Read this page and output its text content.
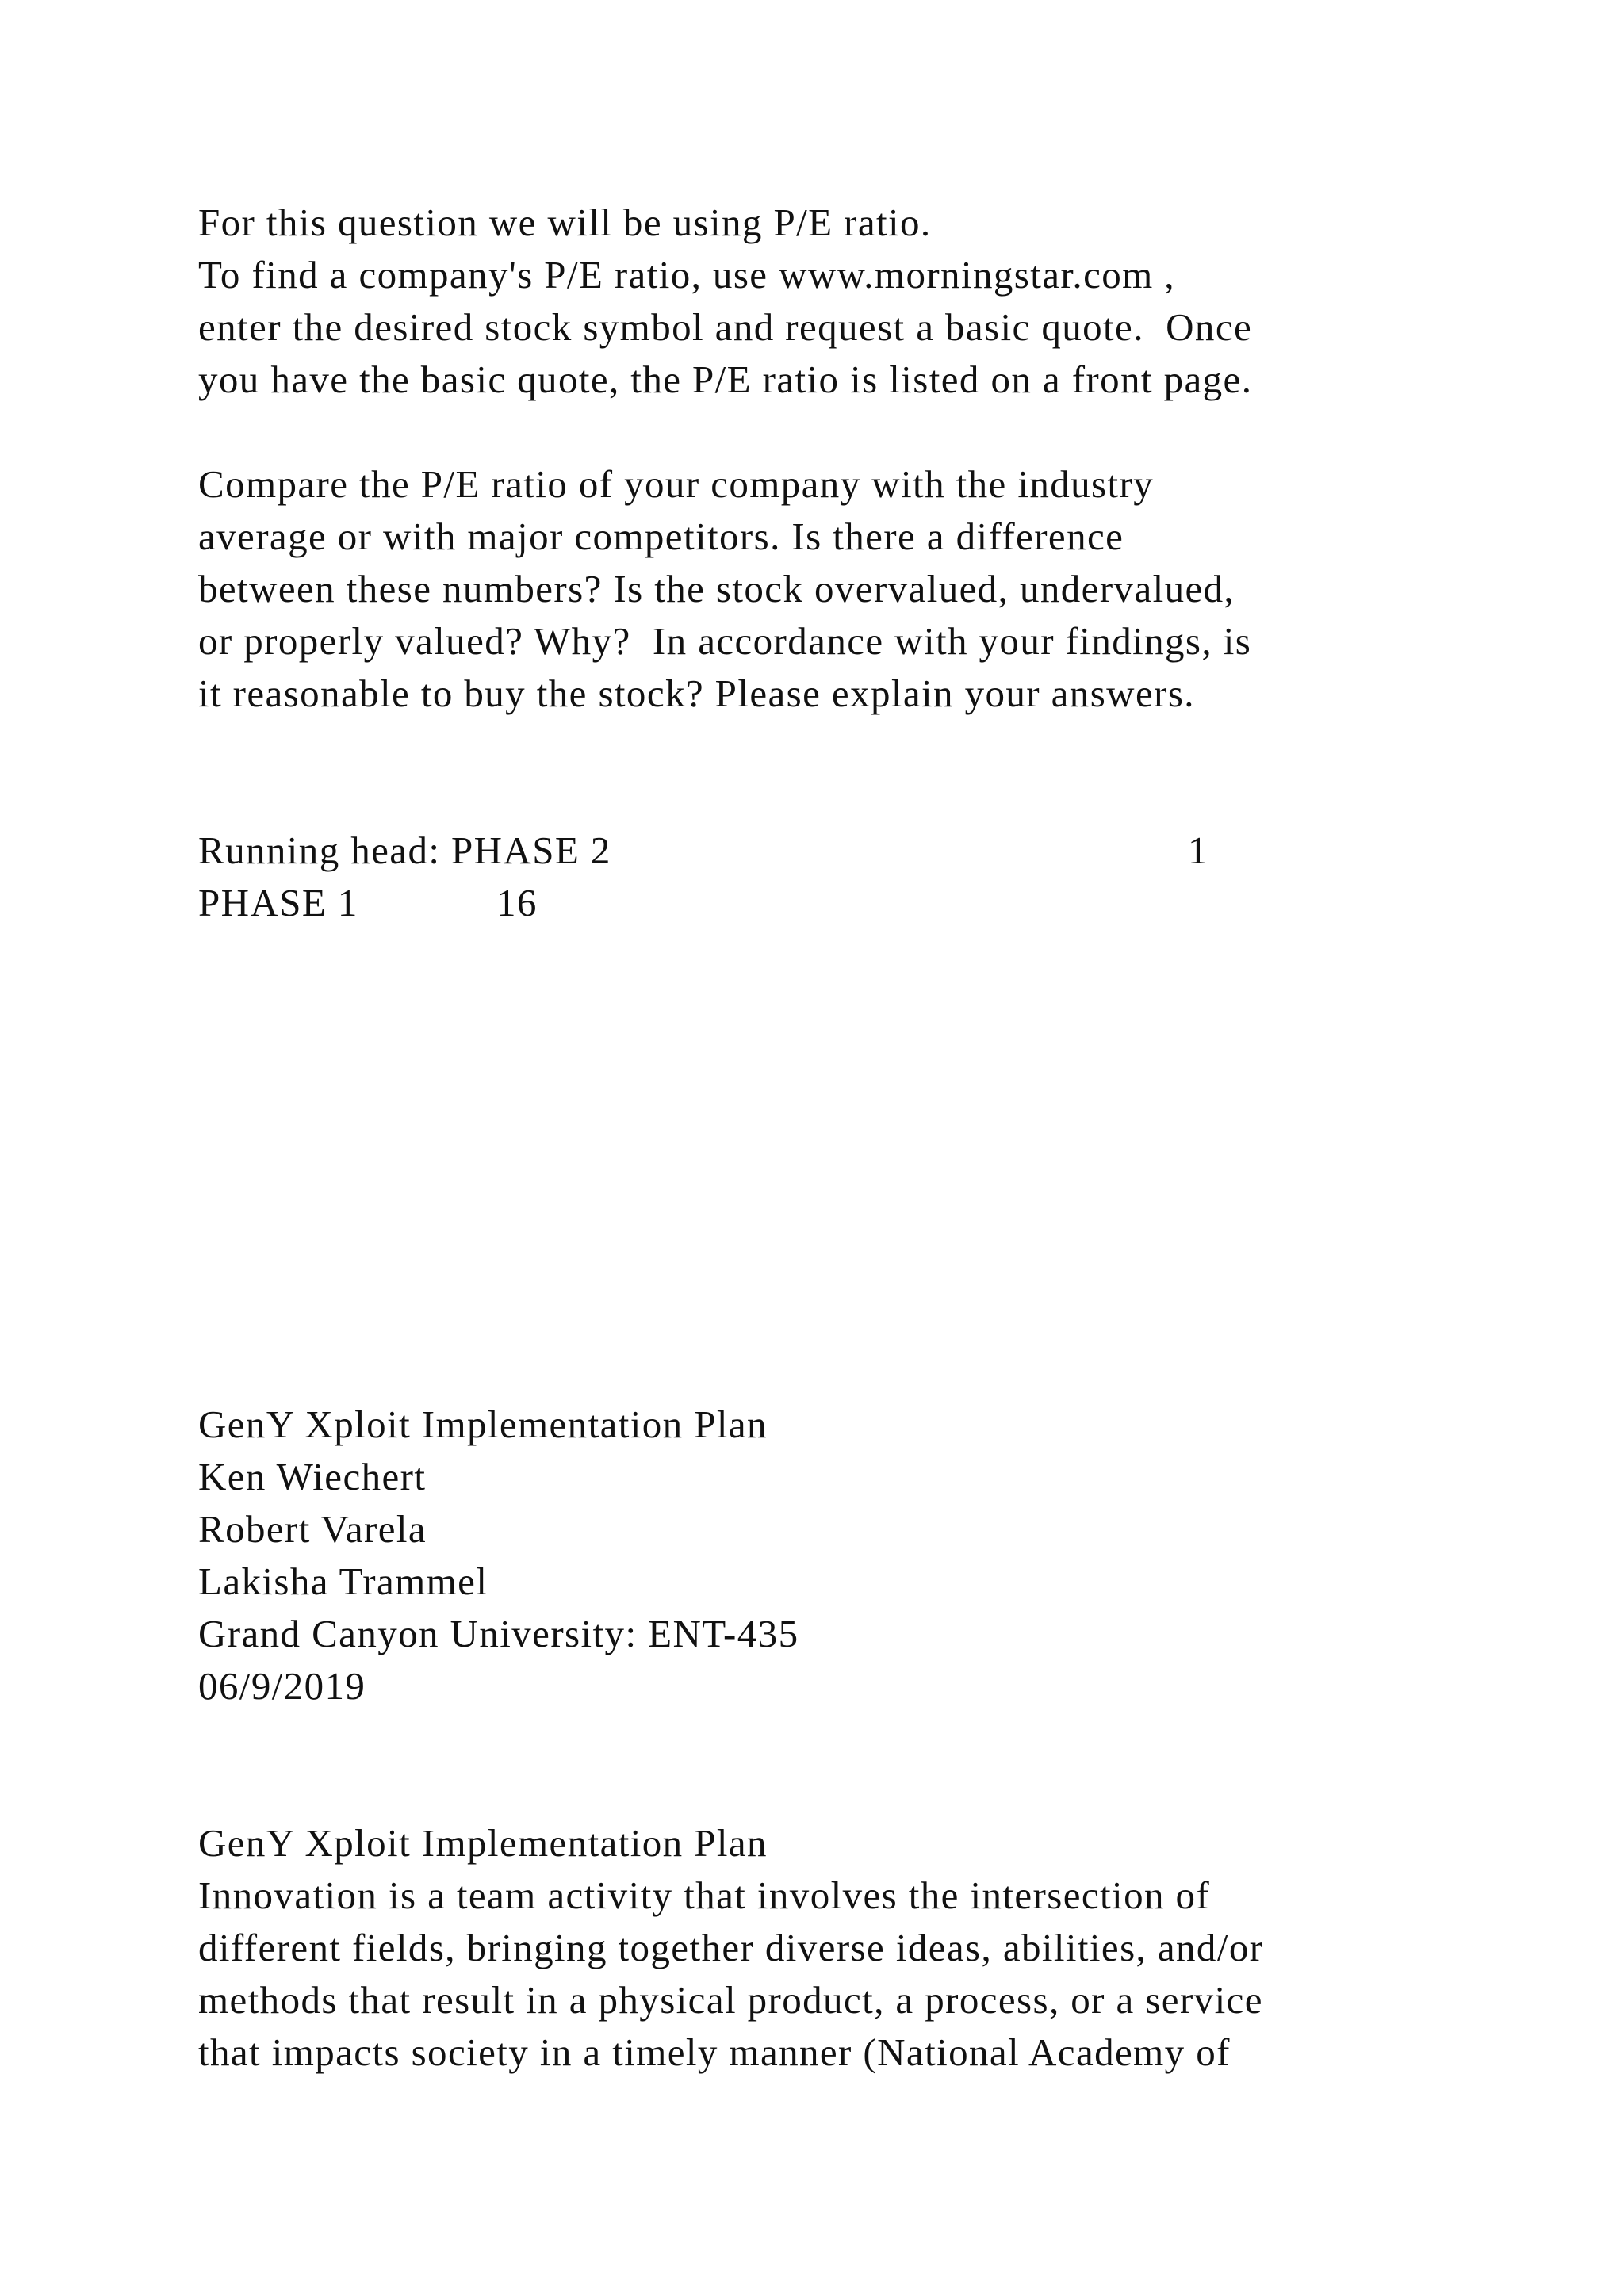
For this question we will be using P/E ratio.
To find a company's P/E ratio, use www.morningstar.com ,
enter the desired stock symbol and request a basic quote.  Once
you have the basic quote, the P/E ratio is listed on a front page.
Compare the P/E ratio of your company with the industry
average or with major competitors. Is there a difference
between these numbers? Is the stock overvalued, undervalued,
or properly valued? Why?  In accordance with your findings, is
it reasonable to buy the stock? Please explain your answers.
Running head: PHASE 2	1
PHASE 1	16
GenY Xploit Implementation Plan
Ken Wiechert
Robert Varela
Lakisha Trammel
Grand Canyon University: ENT-435
06/9/2019
GenY Xploit Implementation Plan
Innovation is a team activity that involves the intersection of
different fields, bringing together diverse ideas, abilities, and/or
methods that result in a physical product, a process, or a service
that impacts society in a timely manner (National Academy of
